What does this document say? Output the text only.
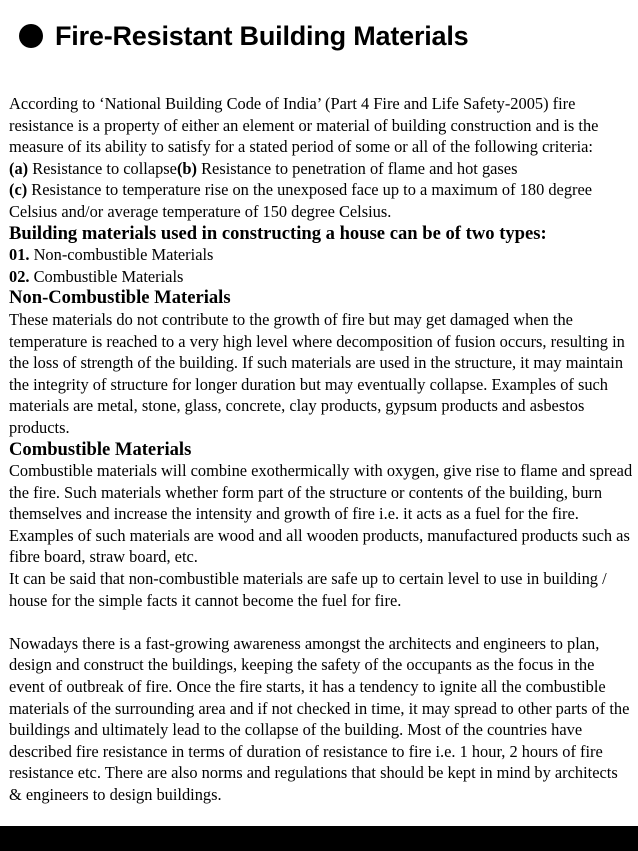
Fire-Resistant Building Materials

According to ‘National Building Code of India’ (Part 4 Fire and Life Safety-2005) fire resistance is a property of either an element or material of building construction and is the measure of its ability to satisfy for a stated period of some or all of the following criteria:

(a) Resistance to collapse(b) Resistance to penetration of flame and hot gases

(c) Resistance to temperature rise on the unexposed face up to a maximum of 180 degree Celsius and/or average temperature of 150 degree Celsius.

Building materials used in constructing a house can be of two types:

01. Non-combustible Materials

02. Combustible Materials

Non-Combustible Materials

These materials do not contribute to the growth of fire but may get damaged when the temperature is reached to a very high level where decomposition of fusion occurs, resulting in the loss of strength of the building. If such materials are used in the structure, it may maintain the integrity of structure for longer duration but may eventually collapse. Examples of such materials are metal, stone, glass, concrete, clay products, gypsum products and asbestos products.

Combustible Materials

Combustible materials will combine exothermically with oxygen, give rise to flame and spread the fire. Such materials whether form part of the structure or contents of the building, burn themselves and increase the intensity and growth of fire i.e. it acts as a fuel for the fire. Examples of such materials are wood and all wooden products, manufactured products such as fibre board, straw board, etc.

It can be said that non-combustible materials are safe up to certain level to use in building / house for the simple facts it cannot become the fuel for fire.

Nowadays there is a fast-growing awareness amongst the architects and engineers to plan, design and construct the buildings, keeping the safety of the occupants as the focus in the event of outbreak of fire. Once the fire starts, it has a tendency to ignite all the combustible materials of the surrounding area and if not checked in time, it may spread to other parts of the buildings and ultimately lead to the collapse of the building. Most of the countries have described fire resistance in terms of duration of resistance to fire i.e. 1 hour, 2 hours of fire resistance etc. There are also norms and regulations that should be kept in mind by architects & engineers to design buildings.
